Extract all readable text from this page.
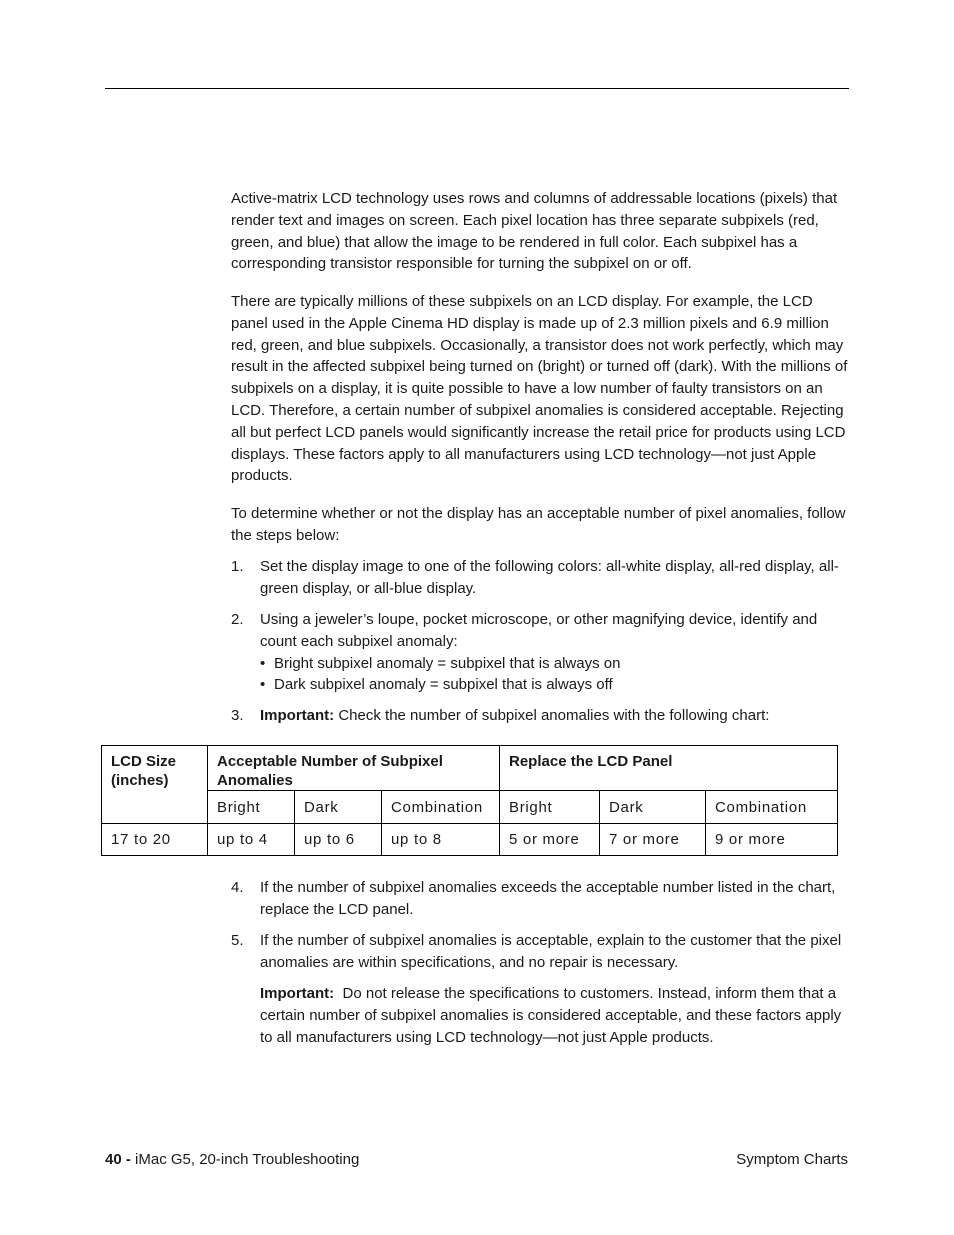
Active-matrix LCD technology uses rows and columns of addressable locations (pixels) that render text and images on screen. Each pixel location has three separate subpixels (red, green, and blue) that allow the image to be rendered in full color. Each subpixel has a corresponding transistor responsible for turning the subpixel on or off.

There are typically millions of these subpixels on an LCD display. For example, the LCD panel used in the Apple Cinema HD display is made up of 2.3 million pixels and 6.9 million red, green, and blue subpixels. Occasionally, a transistor does not work perfectly, which may result in the affected subpixel being turned on (bright) or turned off (dark). With the millions of subpixels on a display, it is quite possible to have a low number of faulty transistors on an LCD. Therefore, a certain number of subpixel anomalies is considered acceptable. Rejecting all but perfect LCD panels would significantly increase the retail price for products using LCD displays. These factors apply to all manufacturers using LCD technology—not just Apple products.

To determine whether or not the display has an acceptable number of pixel anomalies, follow the steps below:

1. Set the display image to one of the following colors: all-white display, all-red display, all-green display, or all-blue display.
2. Using a jeweler’s loupe, pocket microscope, or other magnifying device, identify and count each subpixel anomaly:
• Bright subpixel anomaly = subpixel that is always on
• Dark subpixel anomaly = subpixel that is always off
3. Important: Check the number of subpixel anomalies with the following chart:
LCD Size (inches)	Acceptable Number of Subpixel Anomalies			Replace the LCD Panel		
	Bright	Dark	Combination	Bright	Dark	Combination
17 to 20	up to 4	up to 6	up to 8	5 or more	7 or more	9 or more
4. If the number of subpixel anomalies exceeds the acceptable number listed in the chart, replace the LCD panel.
5. If the number of subpixel anomalies is acceptable, explain to the customer that the pixel anomalies are within specifications, and no repair is necessary.
Important:  Do not release the specifications to customers. Instead, inform them that a certain number of subpixel anomalies is considered acceptable, and these factors apply to all manufacturers using LCD technology—not just Apple products.
40 - iMac G5, 20-inch Troubleshooting	Symptom Charts
